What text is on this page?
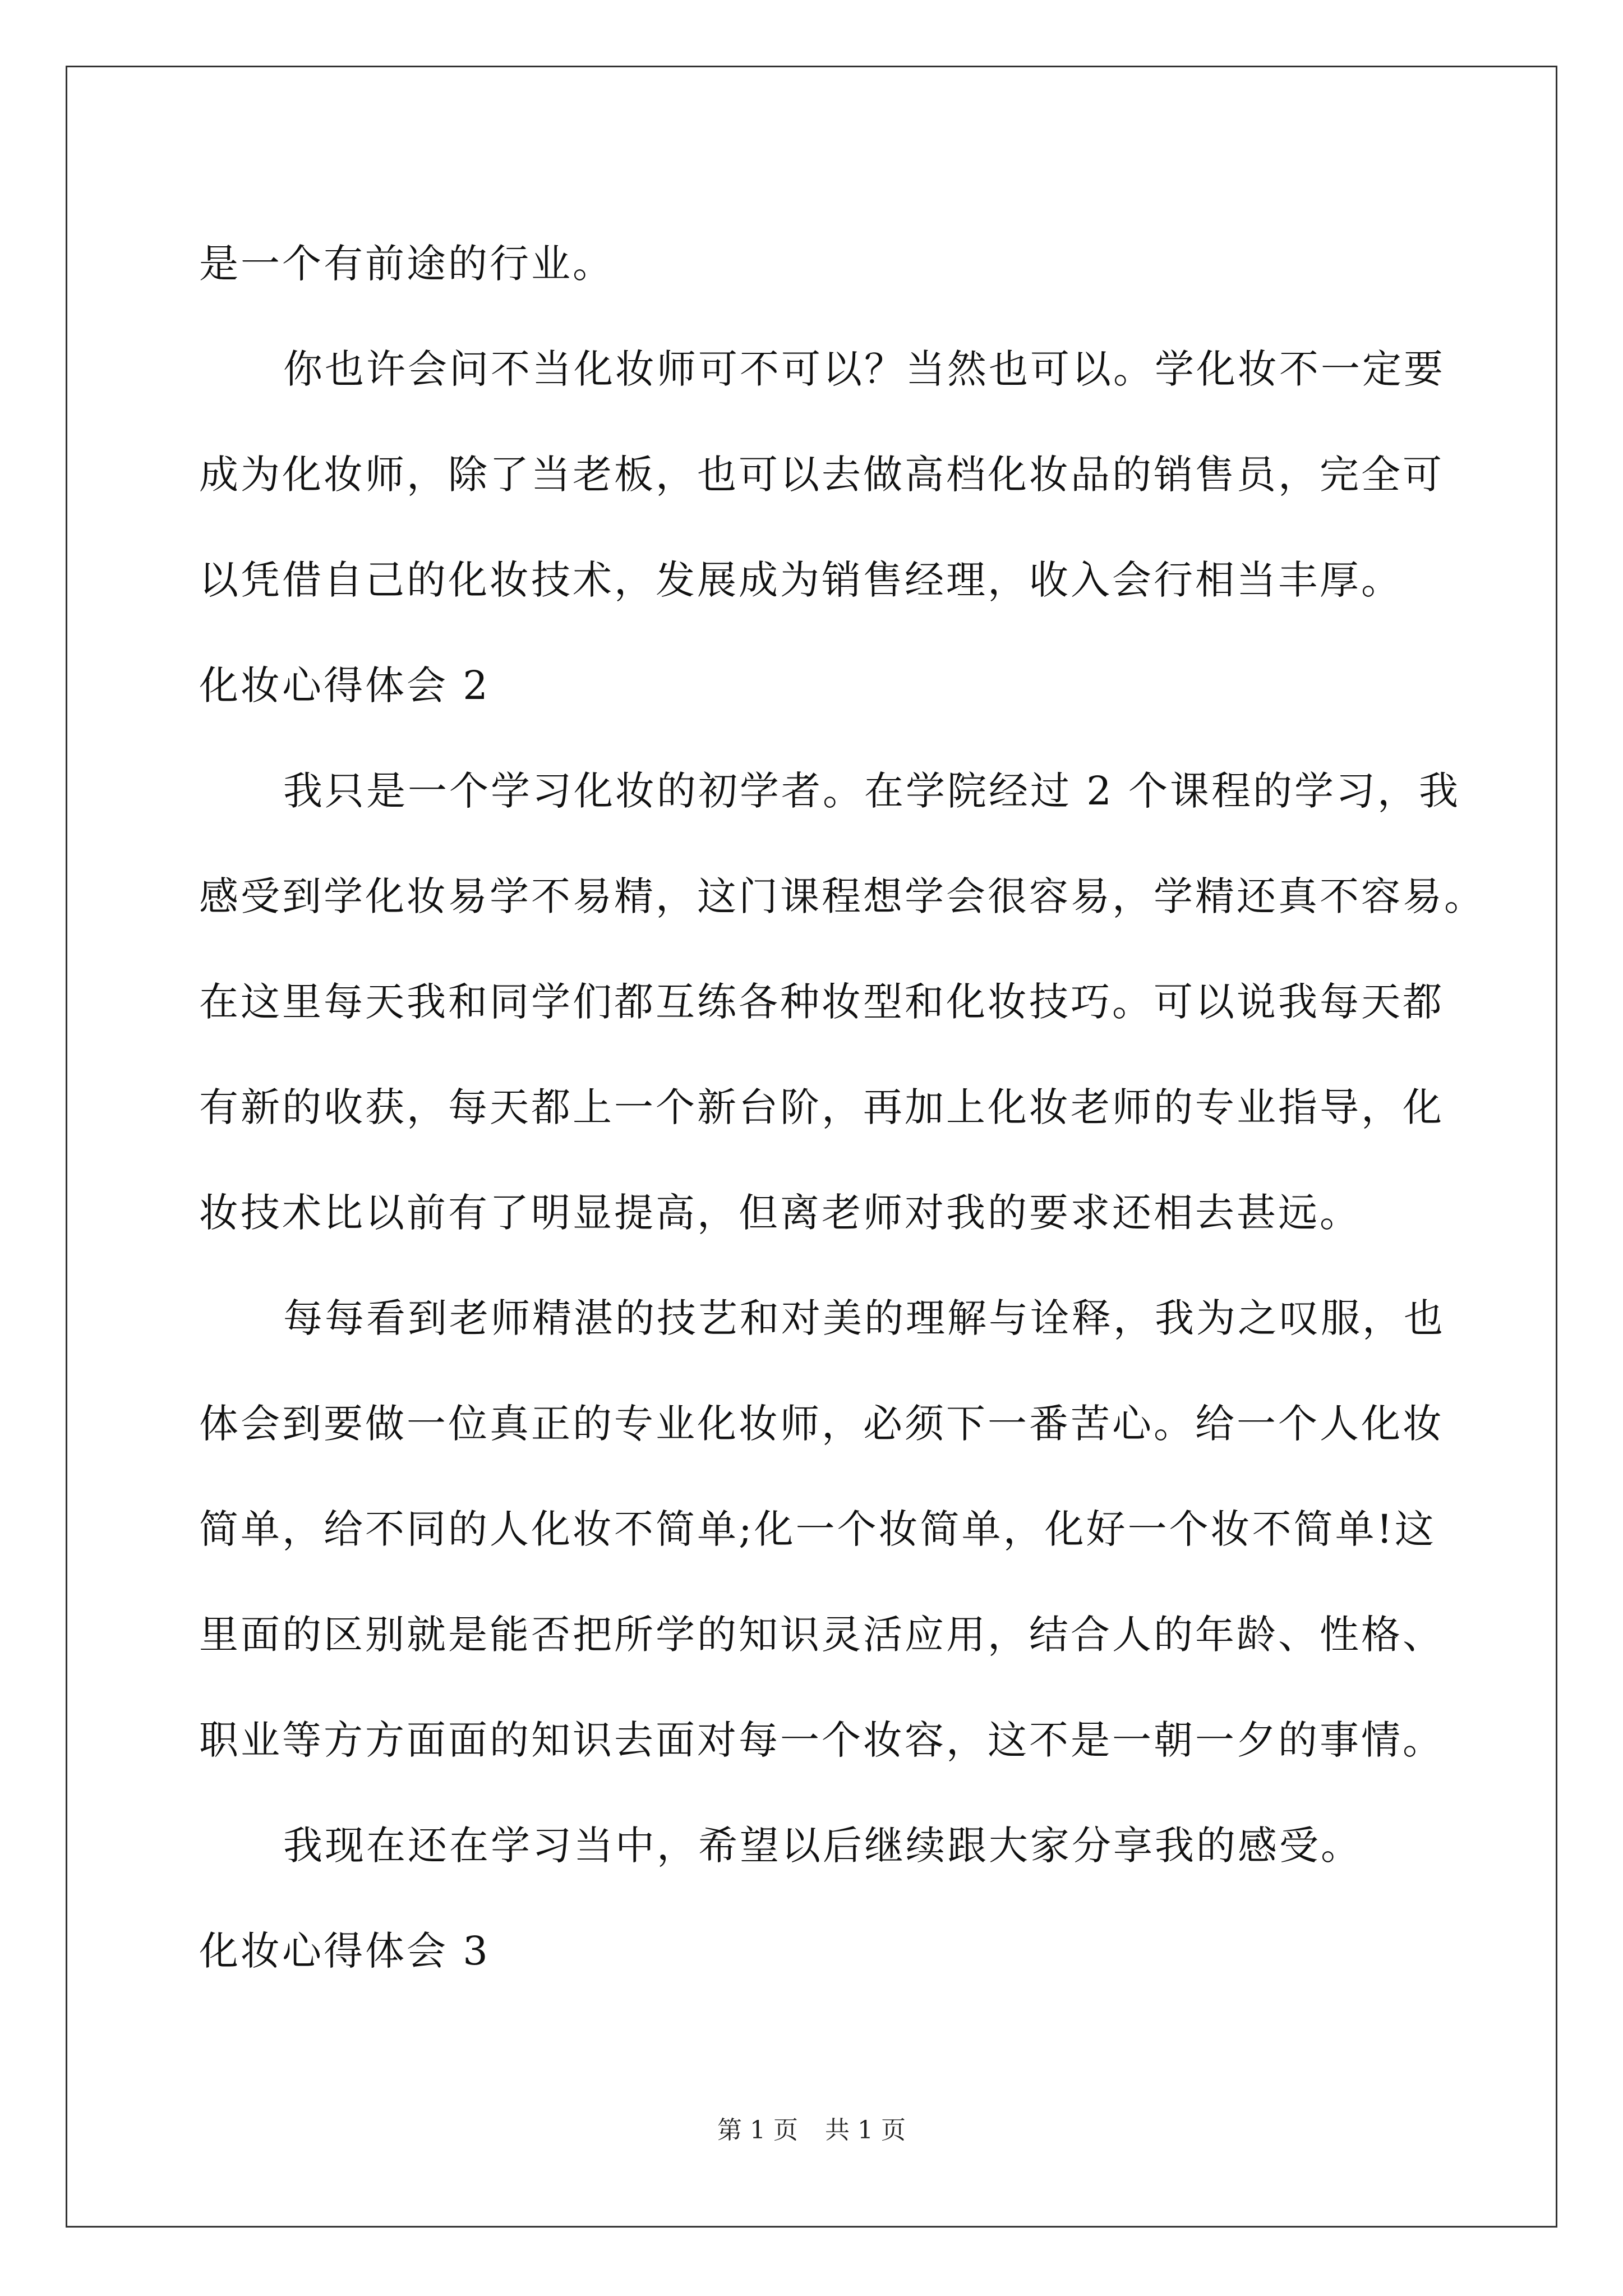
是一个有前途的行业。
你也许会问不当化妆师可不可以？当然也可以。学化妆不一定要
成为化妆师，除了当老板，也可以去做高档化妆品的销售员，完全可
以凭借自己的化妆技术，发展成为销售经理，收入会行相当丰厚。
化妆心得体会 2
我只是一个学习化妆的初学者。在学院经过 2 个课程的学习，我
感受到学化妆易学不易精，这门课程想学会很容易，学精还真不容易。
在这里每天我和同学们都互练各种妆型和化妆技巧。可以说我每天都
有新的收获，每天都上一个新台阶，再加上化妆老师的专业指导，化
妆技术比以前有了明显提高，但离老师对我的要求还相去甚远。
每每看到老师精湛的技艺和对美的理解与诠释，我为之叹服，也
体会到要做一位真正的专业化妆师，必须下一番苦心。给一个人化妆
简单，给不同的人化妆不简单;化一个妆简单，化好一个妆不简单!这
里面的区别就是能否把所学的知识灵活应用，结合人的年龄、性格、
职业等方方面面的知识去面对每一个妆容，这不是一朝一夕的事情。
我现在还在学习当中，希望以后继续跟大家分享我的感受。
化妆心得体会 3
第 1 页 共 1 页
